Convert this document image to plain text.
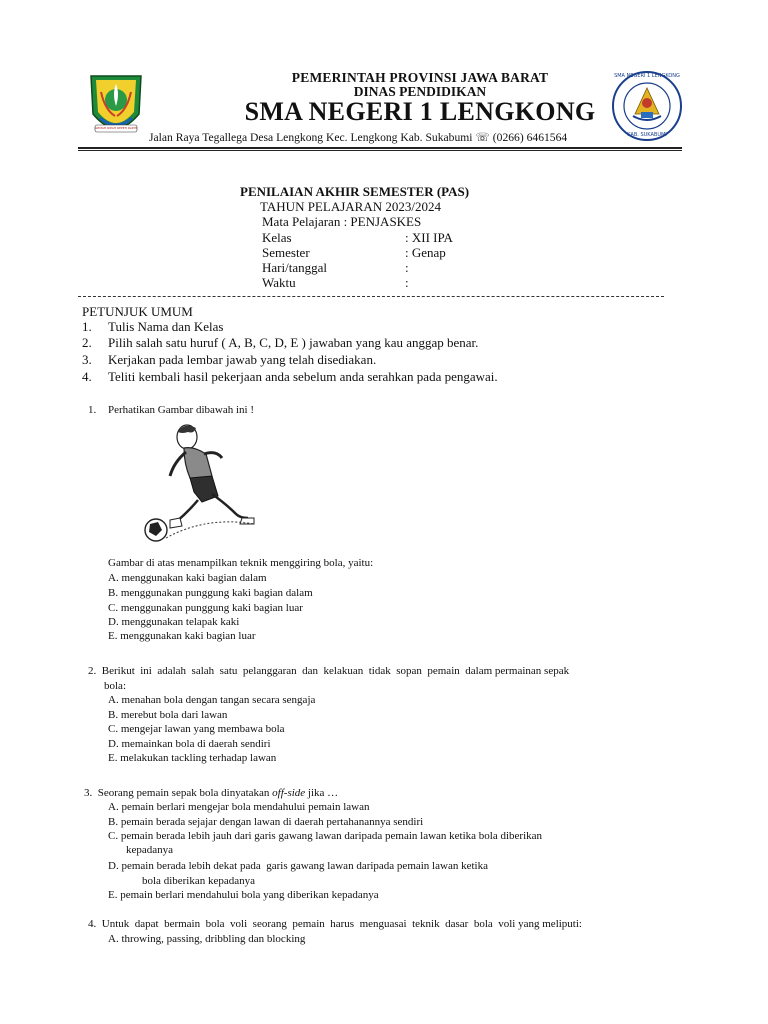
GEMAH RIPAH REPEH RAPIH
PEMERINTAH PROVINSI JAWA BARAT
DINAS PENDIDIKAN
SMA NEGERI 1 LENGKONG
Jalan Raya Tegallega Desa Lengkong Kec. Lengkong Kab. Sukabumi ☏ (0266) 6461564
SMA NEGERI 1 LENGKONG
KAB. SUKABUMI
PENILAIAN AKHIR SEMESTER (PAS)
TAHUN PELAJARAN 2023/2024
Mata Pelajaran : PENJASKES
Kelas	: XII IPA
Semester	: Genap
Hari/tanggal	:
Waktu	:
PETUNJUK UMUM
1. Tulis Nama dan Kelas
2. Pilih salah satu huruf ( A, B, C, D, E ) jawaban yang kau anggap benar.
3. Kerjakan pada lembar jawab yang telah disediakan.
4. Teliti kembali hasil pekerjaan anda sebelum anda serahkan pada pengawai.
1. Perhatikan Gambar dibawah ini !
Gambar di atas menampilkan teknik menggiring bola, yaitu:
A. menggunakan kaki bagian dalam
B. menggunakan punggung kaki bagian dalam
C. menggunakan punggung kaki bagian luar
D. menggunakan telapak kaki
E. menggunakan kaki bagian luar
2.  Berikut  ini  adalah  salah  satu  pelanggaran  dan  kelakuan  tidak  sopan  pemain  dalam permainan sepak
bola:
A. menahan bola dengan tangan secara sengaja
B. merebut bola dari lawan
C. mengejar lawan yang membawa bola
D. memainkan bola di daerah sendiri
E. melakukan tackling terhadap lawan
3.  Seorang pemain sepak bola dinyatakan off-side jika …
A. pemain berlari mengejar bola mendahului pemain lawan
B. pemain berada sejajar dengan lawan di daerah pertahanannya sendiri
C. pemain berada lebih jauh dari garis gawang lawan daripada pemain lawan ketika bola diberikan
kepadanya
D. pemain berada lebih dekat pada  garis gawang lawan daripada pemain lawan ketika
bola diberikan kepadanya
E. pemain berlari mendahului bola yang diberikan kepadanya
4.  Untuk  dapat  bermain  bola  voli  seorang  pemain  harus  menguasai  teknik  dasar  bola  voli yang meliputi:
A. throwing, passing, dribbling dan blocking
